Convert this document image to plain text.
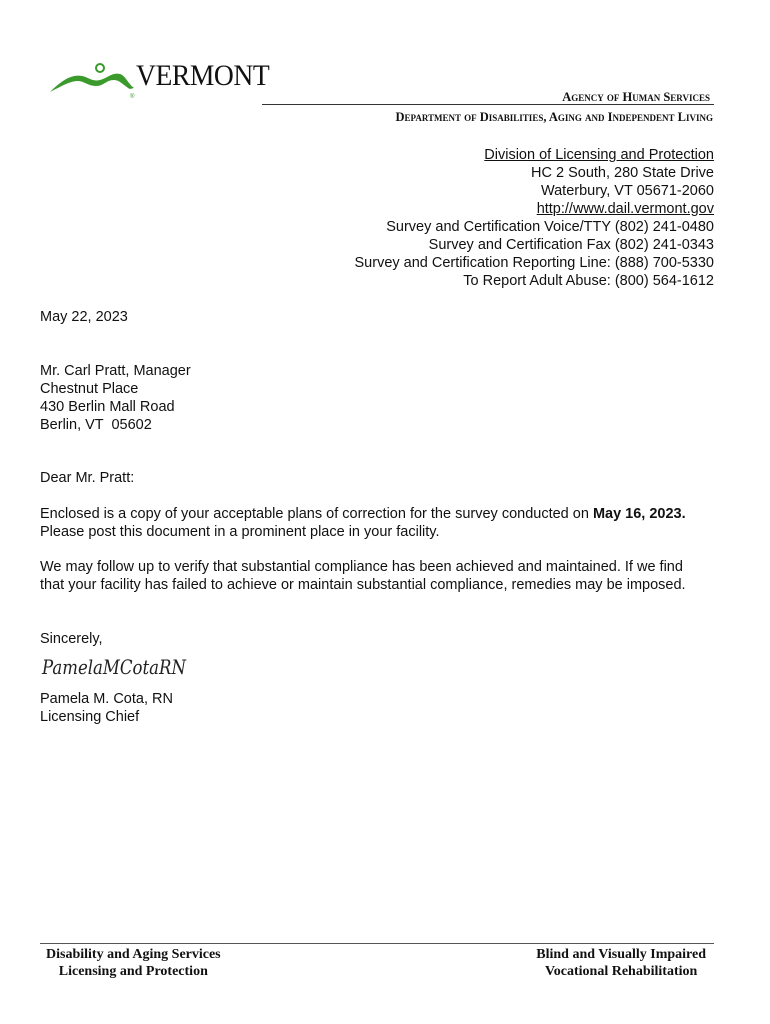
®
VERMONT
Agency of Human Services
Department of Disabilities, Aging and Independent Living
Division of Licensing and Protection
HC 2 South, 280 State Drive
Waterbury, VT 05671-2060
http://www.dail.vermont.gov
Survey and Certification Voice/TTY (802) 241-0480
Survey and Certification Fax (802) 241-0343
Survey and Certification Reporting Line: (888) 700-5330
To Report Adult Abuse: (800) 564-1612
May 22, 2023
Mr. Carl Pratt, Manager
Chestnut Place
430 Berlin Mall Road
Berlin, VT  05602
Dear Mr. Pratt:
Enclosed is a copy of your acceptable plans of correction for the survey conducted on May 16, 2023.
Please post this document in a prominent place in your facility.
We may follow up to verify that substantial compliance has been achieved and maintained. If we find that your facility has failed to achieve or maintain substantial compliance, remedies may be imposed.
Sincerely,
PamelaMCotaRN
Pamela M. Cota, RN
Licensing Chief
Disability and Aging Services
Licensing and Protection
Blind and Visually Impaired
Vocational Rehabilitation
